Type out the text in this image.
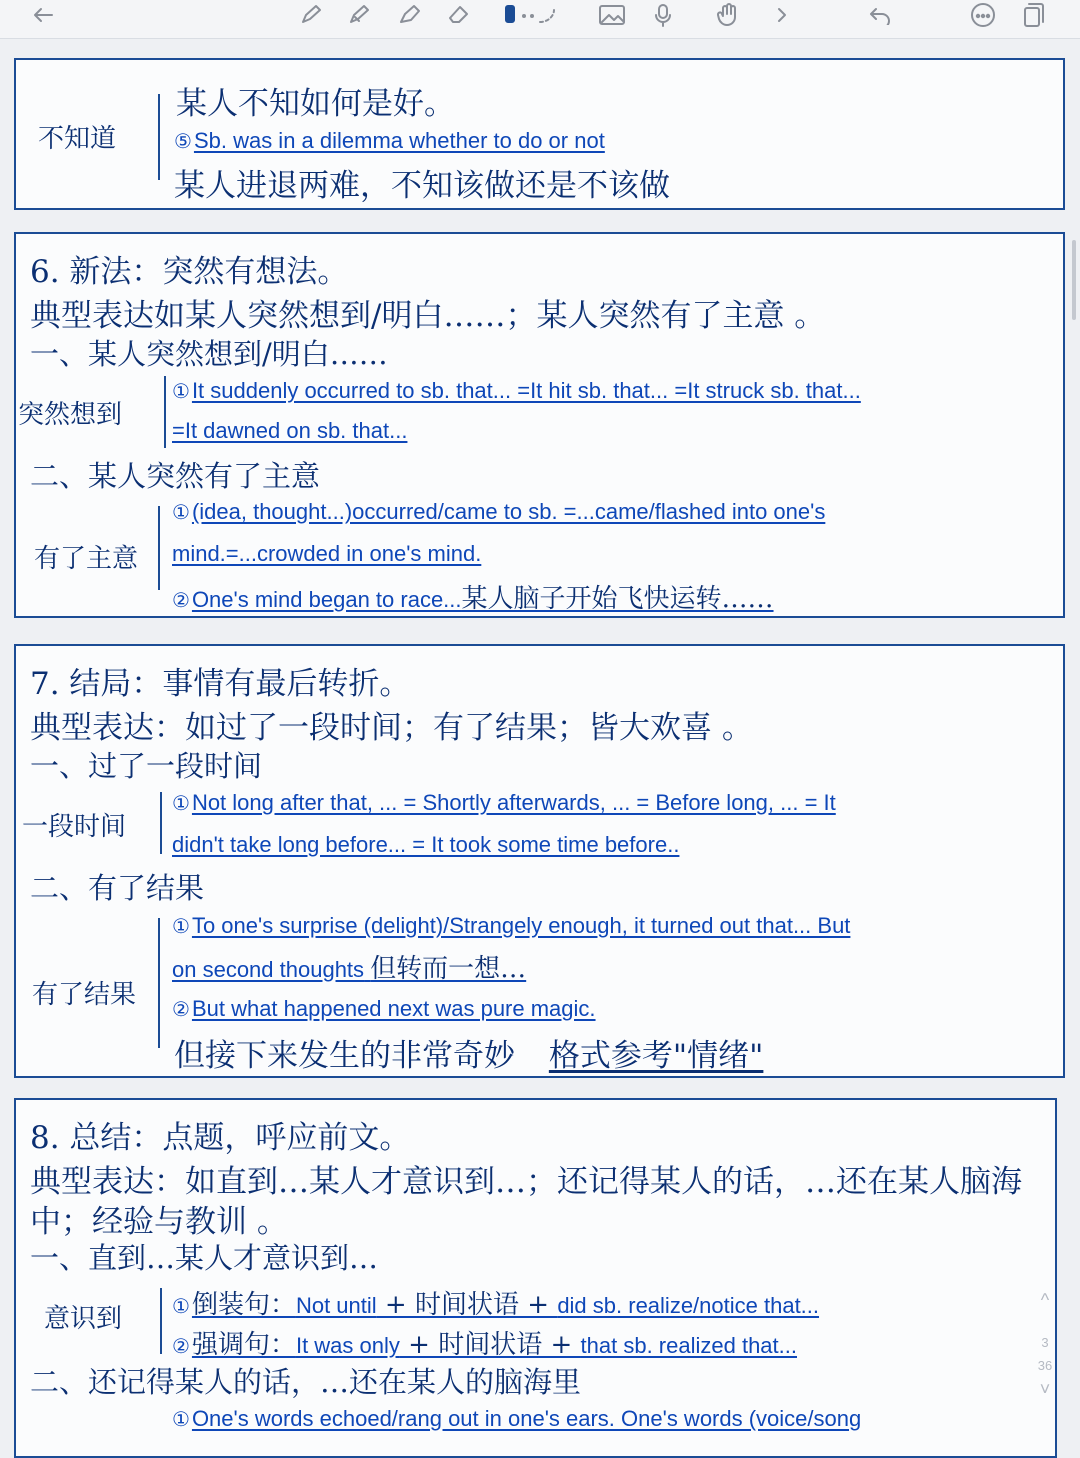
某人不知如何是好。
不知道	⑤Sb. was in a dilemma whether to do or not
某人进退两难，不知该做还是不该做
6. 新法：突然有想法。
典型表达如某人突然想到/明白……；某人突然有了主意 。
一、某人突然想到/明白……
突然想到
①It suddenly occurred to sb. that... =It hit sb. that... =It struck sb. that...
=It dawned on sb. that...
二、某人突然有了主意
有了主意
①(idea, thought...)occurred/came to sb. =...came/flashed into one's
mind.=...crowded in one's mind.
②One's mind began to race...某人脑子开始飞快运转……
7. 结局：事情有最后转折。
典型表达：如过了一段时间；有了结果；皆大欢喜 。
一、过了一段时间
一段时间
①Not long after that, ... = Shortly afterwards, ... = Before long, ... = It
didn't take long before... = It took some time before..
二、有了结果
有了结果
①To one's surprise (delight)/Strangely enough, it turned out that... But
on second thoughts 但转而一想…
②But what happened next was pure magic.
但接下来发生的非常奇妙 格式参考"情绪"
8. 总结：点题，呼应前文。
典型表达：如直到…某人才意识到…；还记得某人的话，…还在某人脑海
中；经验与教训 。
一、直到…某人才意识到…
意识到 ①倒装句：Not until + 时间状语 + did sb. realize/notice that...
②强调句：It was only + 时间状语 + that sb. realized that...
二、还记得某人的话，…还在某人的脑海里
①One's words echoed/rang out in one's ears. One's words (voice/song
^
3
36
˅
